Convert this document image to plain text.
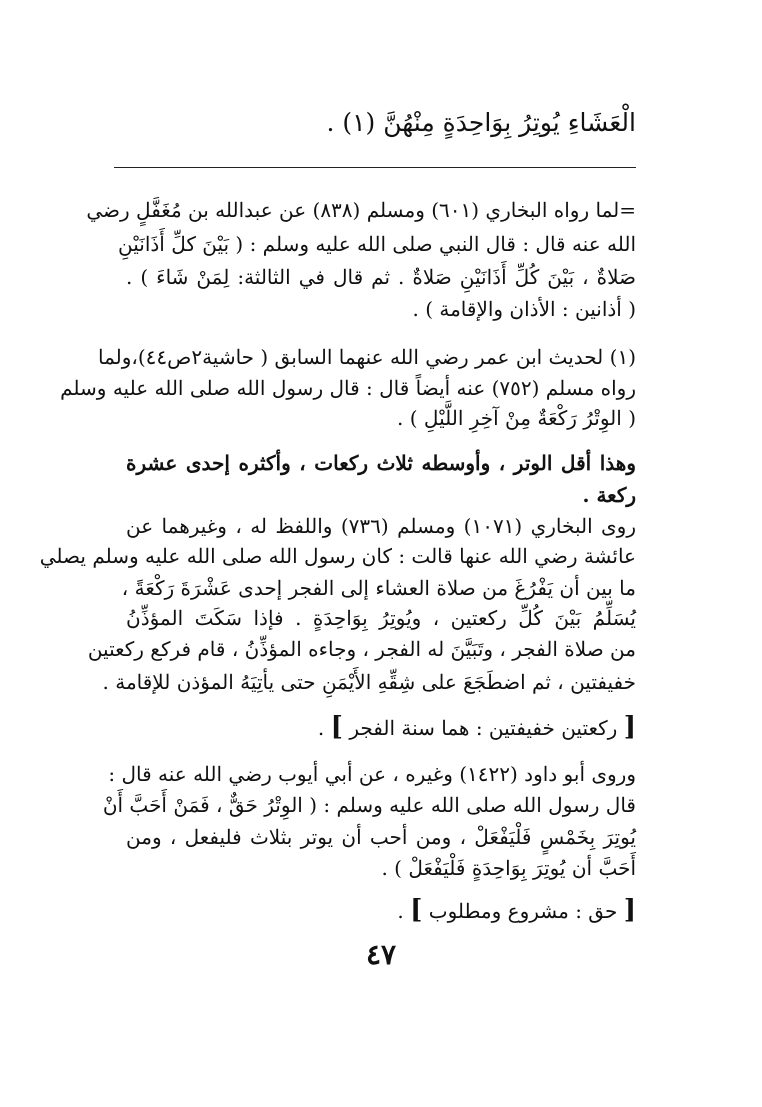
الْعَشَاءِ يُوتِرُ بِوَاحِدَةٍ مِنْهُنَّ (١) .
=لما رواه البخاري (٦٠١) ومسلم (٨٣٨) عن عبدالله بن مُغَفَّلٍ رضي
الله عنه قال : قال النبي صلى الله عليه وسلم : ( بَيْنَ كلِّ أَذَانَيْنِ
صَلاةٌ ، بَيْنَ كُلِّ أَذَانَيْنِ صَلاةٌ . ثم قال في الثالثة: لِمَنْ شَاءَ ) .
( أذانين : الأذان والإقامة ) .
(١) لحديث ابن عمر رضي الله عنهما السابق ( حاشية٢ص٤٤)،ولما
رواه مسلم (٧٥٢) عنه أيضاً قال : قال رسول الله صلى الله عليه وسلم
( الوِتْرُ رَكْعَةٌ مِنْ آخِرِ اللَّيْلِ ) .
وهذا أقل الوتر ، وأوسطه ثلاث ركعات ، وأكثره إحدى عشرة
ركعة .
روى البخاري (١٠٧١) ومسلم (٧٣٦) واللفظ له ، وغيرهما عن
عائشة رضي الله عنها قالت : كان رسول الله صلى الله عليه وسلم يصلي
ما بين أن يَفْرُغَ من صلاة العشاء إلى الفجر إحدى عَشْرَةَ رَكْعَةً ،
يُسَلِّمُ بَيْنَ كُلِّ ركعتين ، ويُوتِرُ بِوَاحِدَةٍ . فإذا سَكَتَ المؤذِّنُ
من صلاة الفجر ، وتَبَيَّنَ له الفجر ، وجاءه المؤذِّنُ ، قام فركع ركعتين
خفيفتين ، ثم اضطَجَعَ على شِقِّهِ الأَيْمَنِ حتى يأتِيَهُ المؤذن للإقامة .
[ ركعتين خفيفتين : هما سنة الفجر ] .
وروى أبو داود (١٤٢٢) وغيره ، عن أبي أيوب رضي الله عنه قال :
قال رسول الله صلى الله عليه وسلم : ( الوِتْرُ حَقٌّ ، فَمَنْ أَحَبَّ أَنْ
يُوتِرَ بِخَمْسٍ فَلْيَفْعَلْ ، ومن أحب أن يوتر بثلاث فليفعل ، ومن
أَحَبَّ أن يُوتِرَ بِوَاحِدَةٍ فَلْيَفْعَلْ ) .
[ حق : مشروع ومطلوب ] .
٤٧
